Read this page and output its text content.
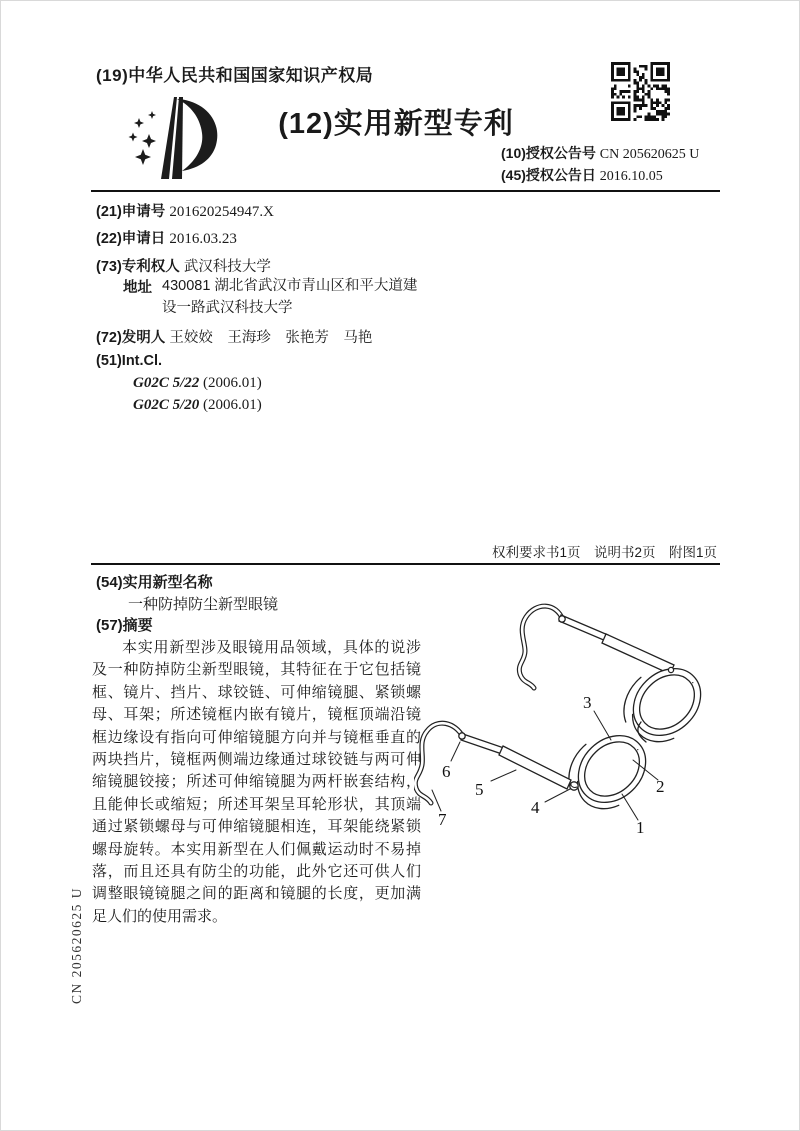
(19)中华人民共和国国家知识产权局
(12)实用新型专利
(10)授权公告号 CN 205620625 U
(45)授权公告日 2016.10.05
(21)申请号 201620254947.X
(22)申请日 2016.03.23
(73)专利权人 武汉科技大学
地址 430081 湖北省武汉市青山区和平大道建设一路武汉科技大学
(72)发明人 王姣姣　王海珍　张艳芳　马艳
(51)Int.Cl.
G02C 5/22 (2006.01)
G02C 5/20 (2006.01)
权利要求书1页　说明书2页　附图1页
(54)实用新型名称
一种防掉防尘新型眼镜
(57)摘要
本实用新型涉及眼镜用品领域，具体的说涉及一种防掉防尘新型眼镜，其特征在于它包括镜框、镜片、挡片、球铰链、可伸缩镜腿、紧锁螺母、耳架；所述镜框内嵌有镜片，镜框顶端沿镜框边缘设有指向可伸缩镜腿方向并与镜框垂直的两块挡片，镜框两侧端边缘通过球铰链与两可伸缩镜腿铰接；所述可伸缩镜腿为两杆嵌套结构，且能伸长或缩短；所述耳架呈耳轮形状，其顶端通过紧锁螺母与可伸缩镜腿相连，耳架能绕紧锁螺母旋转。本实用新型在人们佩戴运动时不易掉落，而且还具有防尘的功能，此外它还可供人们调整眼镜镜腿之间的距离和镜腿的长度，更加满足人们的使用需求。
1
2
3
4
5
6
7
CN 205620625 U
